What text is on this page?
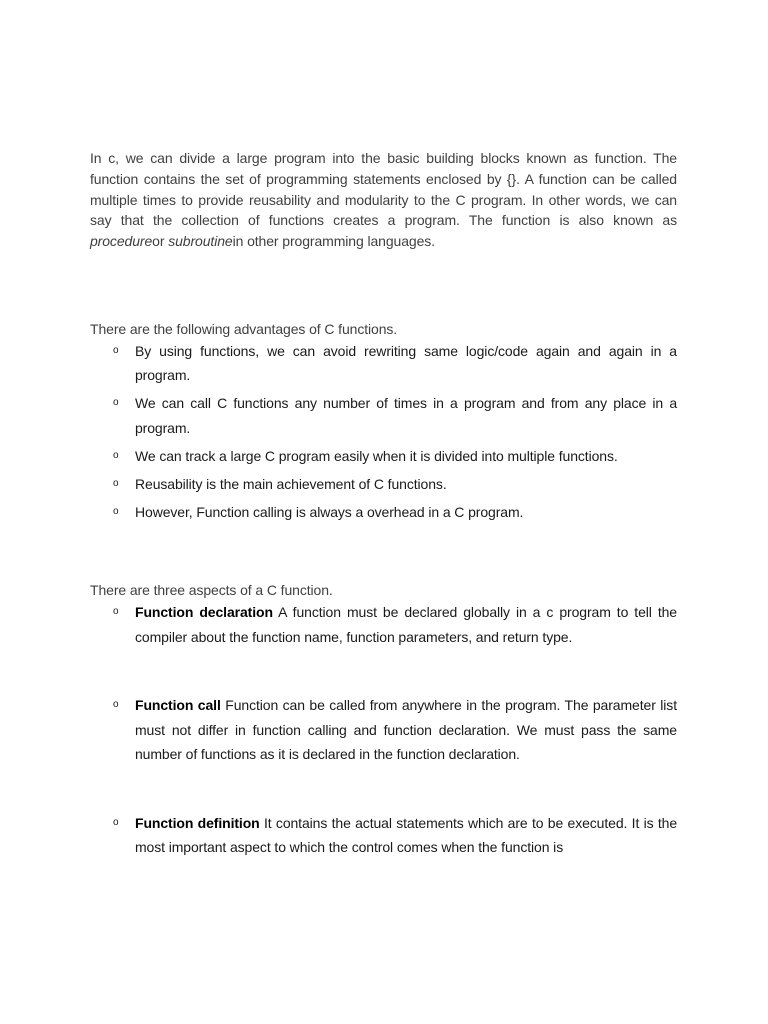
In c, we can divide a large program into the basic building blocks known as function. The function contains the set of programming statements enclosed by {}. A function can be called multiple times to provide reusability and modularity to the C program. In other words, we can say that the collection of functions creates a program. The function is also known as procedureor subroutinein other programming languages.

There are the following advantages of C functions.

o By using functions, we can avoid rewriting same logic/code again and again in a program.
o We can call C functions any number of times in a program and from any place in a program.
o We can track a large C program easily when it is divided into multiple functions.
o Reusability is the main achievement of C functions.
o However, Function calling is always a overhead in a C program.

There are three aspects of a C function.

o Function declaration A function must be declared globally in a c program to tell the compiler about the function name, function parameters, and return type.
o Function call Function can be called from anywhere in the program. The parameter list must not differ in function calling and function declaration. We must pass the same number of functions as it is declared in the function declaration.
o Function definition It contains the actual statements which are to be executed. It is the most important aspect to which the control comes when the function is
